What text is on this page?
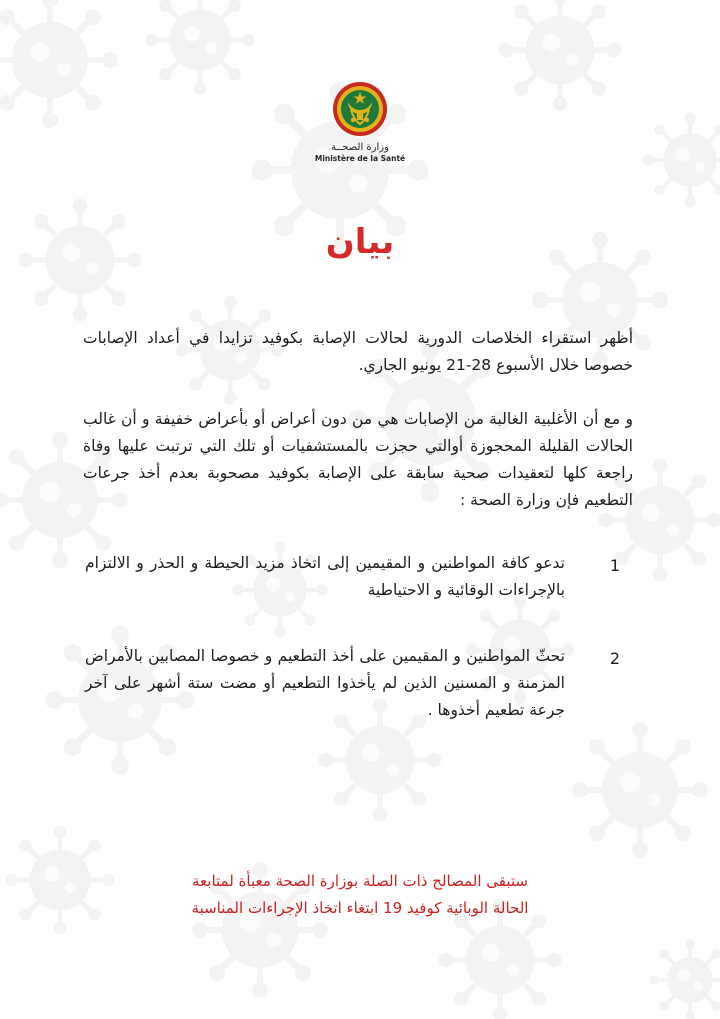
وزارة الصحــة
Ministère de la Santé
بيان
أظهر استقراء الخلاصات الدورية لحالات الإصابة بكوفيد تزايدا في أعداد الإصابات خصوصا خلال الأسبوع 28-21 يونيو الجاري.
و مع أن الأغلبية الغالبة من الإصابات هي من دون أعراض أو بأعراض خفيفة و أن غالب الحالات القليلة المحجوزة أوالتي حجزت بالمستشفيات أو تلك التي ترتبت عليها وفاة راجعة كلها لتعقيدات صحية سابقة على الإصابة بكوفيد مصحوبة بعدم أخذ جرعات التطعيم فإن وزارة الصحة :
1
تدعو كافة المواطنين و المقيمين إلى اتخاذ مزيد الحيطة و الحذر و الالتزام بالإجراءات الوقائية و الاحتياطية
2
تحثّ المواطنين و المقيمين على أخذ التطعيم و خصوصا المصابين بالأمراض المزمنة و المسنين الذين لم يأخذوا التطعيم أو مضت ستة أشهر على آخر جرعة تطعيم أخذوها .
ستبقى المصالح ذات الصلة بوزارة الصحة معبأة لمتابعة
الحالة الوبائية كوفيد 19 ابتغاء اتخاذ الإجراءات المناسبة
